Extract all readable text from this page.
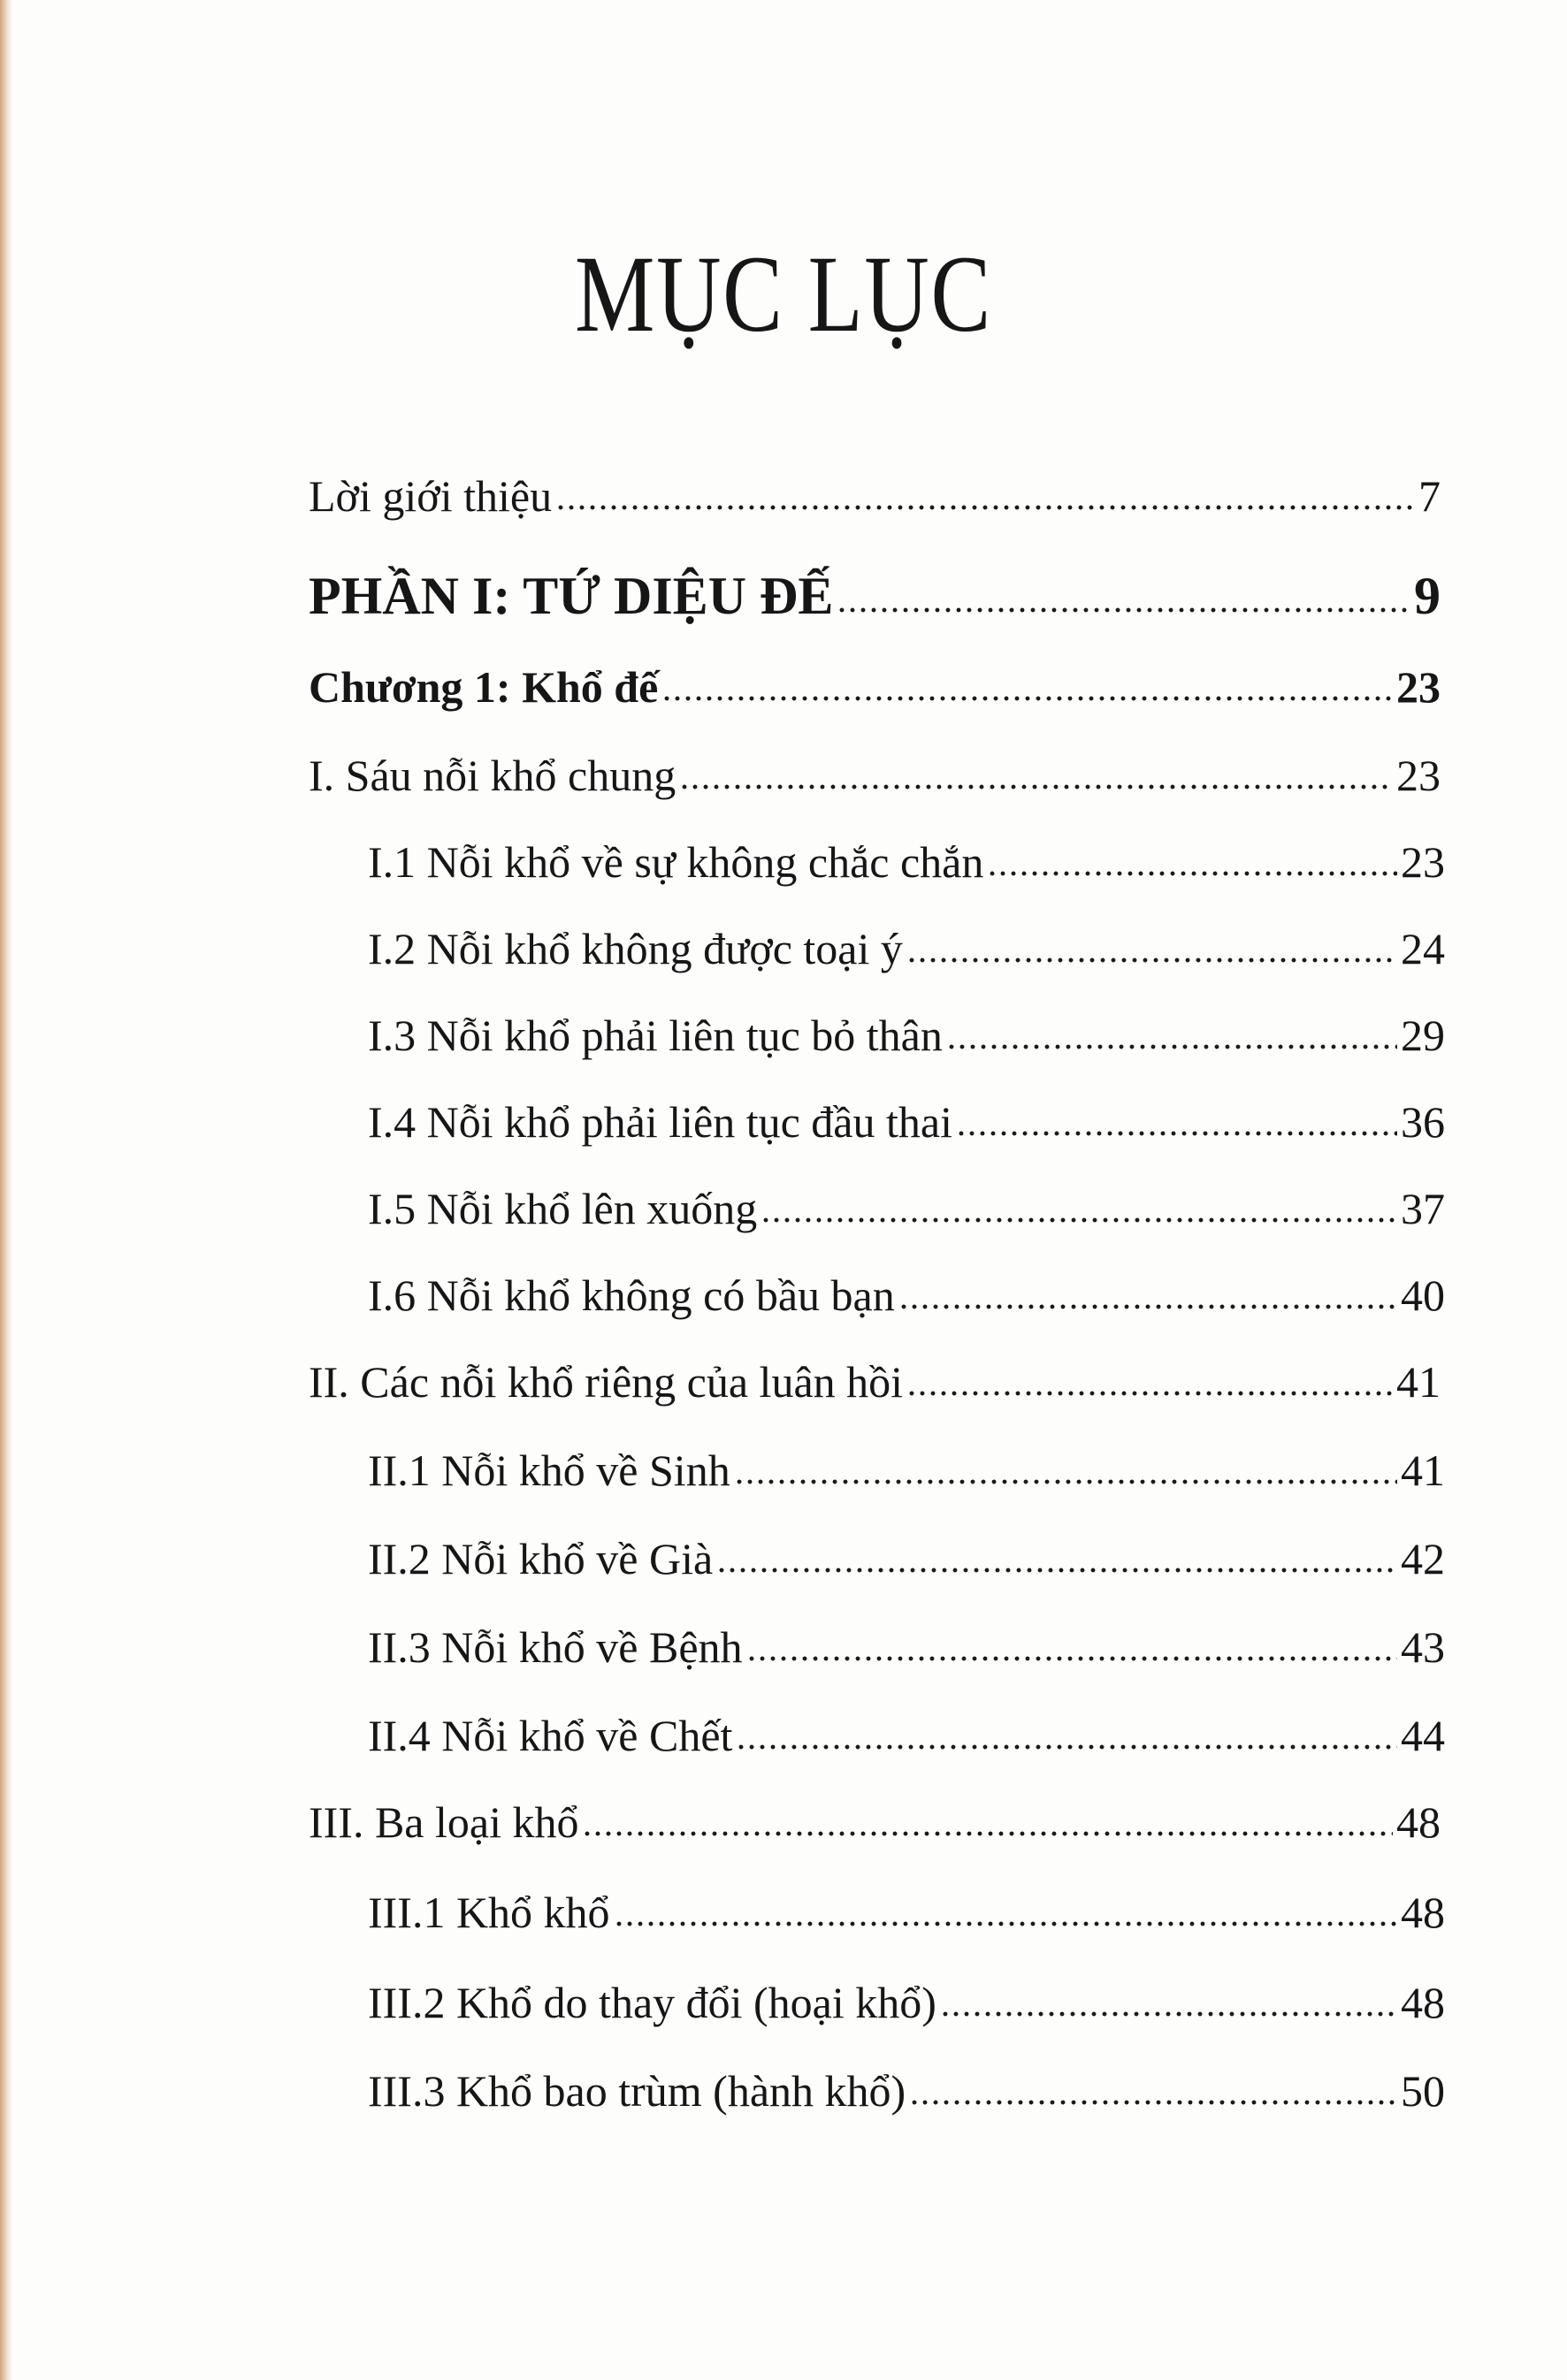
MỤC LỤC
Lời giới thiệu	7
PHẦN I: TỨ DIỆU ĐẾ	9
Chương 1: Khổ đế	23
I. Sáu nỗi khổ chung	23
I.1 Nỗi khổ về sự không chắc chắn	23
I.2 Nỗi khổ không được toại ý	24
I.3 Nỗi khổ phải liên tục bỏ thân	29
I.4 Nỗi khổ phải liên tục đầu thai	36
I.5 Nỗi khổ lên xuống	37
I.6 Nỗi khổ không có bầu bạn	40
II. Các nỗi khổ riêng của luân hồi	41
II.1 Nỗi khổ về Sinh	41
II.2 Nỗi khổ về Già	42
II.3 Nỗi khổ về Bệnh	43
II.4 Nỗi khổ về Chết	44
III. Ba loại khổ	48
III.1 Khổ khổ	48
III.2 Khổ do thay đổi (hoại khổ)	48
III.3 Khổ bao trùm (hành khổ)	50
